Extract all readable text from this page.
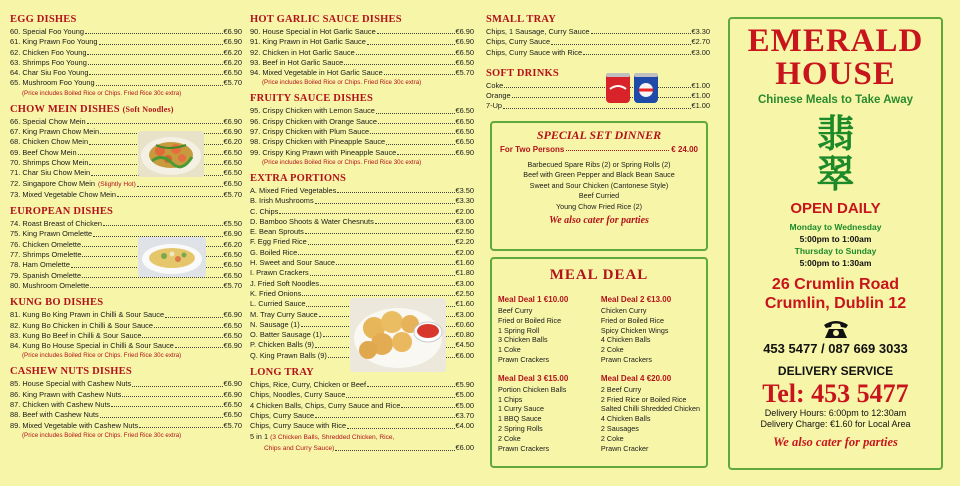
EGG DISHES
60. Special Foo Young	€6.90
61. King Prawn Foo Young	€6.90
62. Chicken Foo Young	€6.20
63. Shrimps Foo Young	€6.20
64. Char Siu Foo Young	€6.50
65. Mushroom Foo Young	€5.70
(Price includes Boiled Rice or Chips. Fried Rice 30c extra)
CHOW MEIN DISHES (Soft Noodles)
66. Special Chow Mein	€6.90
67. King Prawn Chow Mein	€6.90
68. Chicken Chow Mein	€6.20
69. Beef Chow Mein	€6.50
70. Shrimps Chow Mein	€6.50
71. Char Siu Chow Mein	€6.50
72. Singapore Chow Mein (Slightly Hot)	€6.50
73. Mixed Vegetable Chow Mein	€5.70
EUROPEAN DISHES
74. Roast Breast of Chicken	€5.50
75. King Prawn Omelette	€6.90
76. Chicken Omelette	€6.20
77. Shrimps Omelette	€6.50
78. Ham Omelette	€6.50
79. Spanish Omelette	€6.50
80. Mushroom Omelette	€5.70
KUNG BO DISHES
81. Kung Bo King Prawn in Chilli & Sour Sauce	€6.90
82. Kung Bo Chicken in Chilli & Sour Sauce	€6.50
83. Kung Bo Beef in Chilli & Sour Sauce	€6.50
84. Kung Bo House Special in Chilli & Sour Sauce	€6.90
(Price includes Boiled Rice or Chips. Fried Rice 30c extra)
CASHEW NUTS DISHES
85. House Special with Cashew Nuts	€6.90
86. King Prawn with Cashew Nuts	€6.90
87. Chicken with Cashew Nuts	€6.50
88. Beef with Cashew Nuts	€6.50
89. Mixed Vegetable with Cashew Nuts	€5.70
(Price includes Boiled Rice or Chips. Fried Rice 30c extra)
HOT GARLIC SAUCE DISHES
90. House Special in Hot Garlic Sauce	€6.90
91. King Prawn in Hot Garlic Sauce	€6.90
92. Chicken in Hot Garlic Sauce	€6.50
93. Beef in Hot Garlic Sauce	€6.50
94. Mixed Vegetable in Hot Garlic Sauce	€5.70
(Price includes Boiled Rice or Chips. Fried Rice 30c extra)
FRUITY SAUCE DISHES
95. Crispy Chicken with Lemon Sauce	€6.50
96. Crispy Chicken with Orange Sauce	€6.50
97. Crispy Chicken with Plum Sauce	€6.50
98. Crispy Chicken with Pineapple Sauce	€6.50
99. Crispy King Prawn with Pineapple Sauce	€6.90
(Price includes Boiled Rice or Chips. Fried Rice 30c extra)
EXTRA PORTIONS
A. Mixed Fried Vegetables	€3.50
B. Irish Mushrooms	€3.30
C. Chips	€2.00
D. Bamboo Shoots & Water Chesnuts	€3.00
E. Bean Sprouts	€2.50
F. Egg Fried Rice	€2.20
G. Boiled Rice	€2.00
H. Sweet and Sour Sauce	€1.60
I. Prawn Crackers	€1.80
J. Fried Soft Noodles	€3.00
K. Fried Onions	€2.50
L. Curried Sauce	€1.60
M. Tray Curry Sauce	€3.00
N. Sausage (1)	€0.60
O. Batter Sausage (1)	€0.80
P. Chicken Balls (9)	€4.50
Q. King Prawn Balls (9)	€6.00
LONG TRAY
Chips, Rice, Curry, Chicken or Beef	€5.90
Chips, Noodles, Curry Sauce	€5.00
4 Chicken Balls, Chips, Curry Sauce and Rice	€5.00
Chips, Curry Sauce	€3.70
Chips, Curry Sauce with Rice	€4.00
5 in 1 (3 Chicken Balls, Shredded Chicken, Rice,
Chips and Curry Sauce)	€6.00
SMALL TRAY
Chips, 1 Sausage, Curry Sauce	€3.30
Chips, Curry Sauce	€2.70
Chips, Curry Sauce with Rice	€3.00
SOFT DRINKS
Coke	€1.00
Orange	€1.00
7-Up	€1.00
SPECIAL SET DINNER
For Two Persons	€ 24.00
Barbecued Spare Ribs (2) or Spring Rolls (2)
Beef with Green Pepper and Black Bean Sauce
Sweet and Sour Chicken (Cantonese Style)
Beef Curried
Young Chow Fried Rice (2)
We also cater for parties
MEAL DEAL
Meal Deal 1 €10.00
Beef Curry
Fried or Boiled Rice
1 Spring Roll
3 Chicken Balls
1 Coke
Prawn Crackers
Meal Deal 2 €13.00
Chicken Curry
Fried or Boiled Rice
Spicy Chicken Wings
4 Chicken Balls
2 Coke
Prawn Crackers
Meal Deal 3 €15.00
Portion Chicken Balls
1 Chips
1 Curry Sauce
1 BBQ Sauce
2 Spring Rolls
2 Coke
Prawn Crackers
Meal Deal 4 €20.00
2 Beef Curry
2 Fried Rice or Boiled Rice
Salted Chilli Shredded Chicken
4 Chicken Balls
2 Sausages
2 Coke
Prawn Cracker
EMERALD
HOUSE
Chinese Meals to Take Away
翡
翠
OPEN DAILY
Monday to Wednesday
5:00pm to 1:00am
Thursday to Sunday
5:00pm to 1:30am
26 Crumlin Road
Crumlin, Dublin 12
453 5477 / 087 669 3033
DELIVERY SERVICE
Tel: 453 5477
Delivery Hours: 6:00pm to 12:30am
Delivery Charge: €1.60 for Local Area
We also cater for parties
